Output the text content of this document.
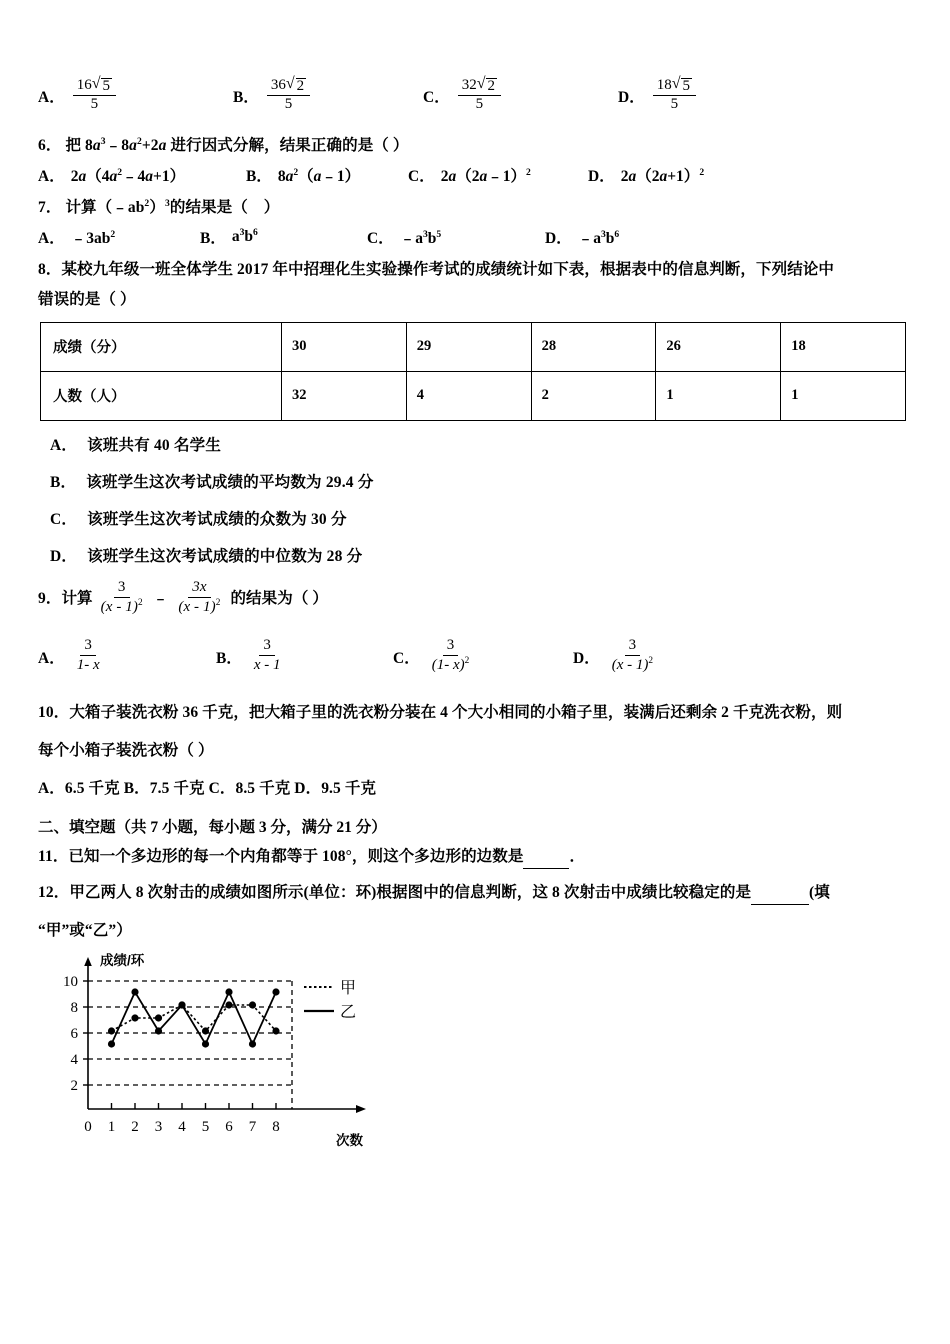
A． $\frac{16√ 5}{5}$	B． $\frac{36√ 2}{5}$	C． $\frac{32√ 2}{5}$	D． $\frac{18√ 5}{5}$
6． 把 $8a^3﹣8a^2+2a$ 进行因式分解，结果正确的是（ ）
A． $2a(4a^2﹣4a+1)$	B． $8a^2(a﹣1)$	C． 2a（2a﹣1）$^2$	D． $2a(2a+1)^2$
7． 计算$(﹣ab^2)^3$的结果是（    ）
A． $﹣3ab^2$	B． $a^3b^6$	C． $﹣a^3b^5$	D． $﹣a^3b^6$
8．某校九年级一班全体学生 2017 年中招理化生实验操作考试的成绩统计如下表，根据表中的信息判断，下列结论中
错误的是（ ）
成绩（分）	30	29	28	26	18
人数（人）	32	4	2	1	1
A． 该班共有 40 名学生
B． 该班学生这次考试成绩的平均数为 29.4 分
C． 该班学生这次考试成绩的众数为 30 分
D． 该班学生这次考试成绩的中位数为 28 分
9． 计算 $\frac{3}{(x - 1)^2}$ ﹣ $\frac{3x}{(x - 1)^2}$ 的结果为（ ）
A． $\frac{3}{1- x}$	B． $\frac{3}{x - 1}$	C． $\frac{3}{(1- x)^2}$	D． $\frac{3}{(x - 1)^2}$
10．大箱子装洗衣粉 36 千克，把大箱子里的洗衣粉分装在 4 个大小相同的小箱子里，装满后还剩余 2 千克洗衣粉，则
每个小箱子装洗衣粉（ ）
A．6.5 千克 B．7.5 千克 C．8.5 千克 D．9.5 千克
二、填空题（共 7 小题，每小题 3 分，满分 21 分）
11．已知一个多边形的每一个内角都等于 108°，则这个多边形的边数是	．
12．甲乙两人 8 次射击的成绩如图所示(单位：环)根据图中的信息判断，这 8 次射击中成绩比较稳定的是	(填
“甲”或“乙”）
成绩/环
次数
2
4
6
8
10
0 1 2 3 4 5 6 7 8
甲
乙
